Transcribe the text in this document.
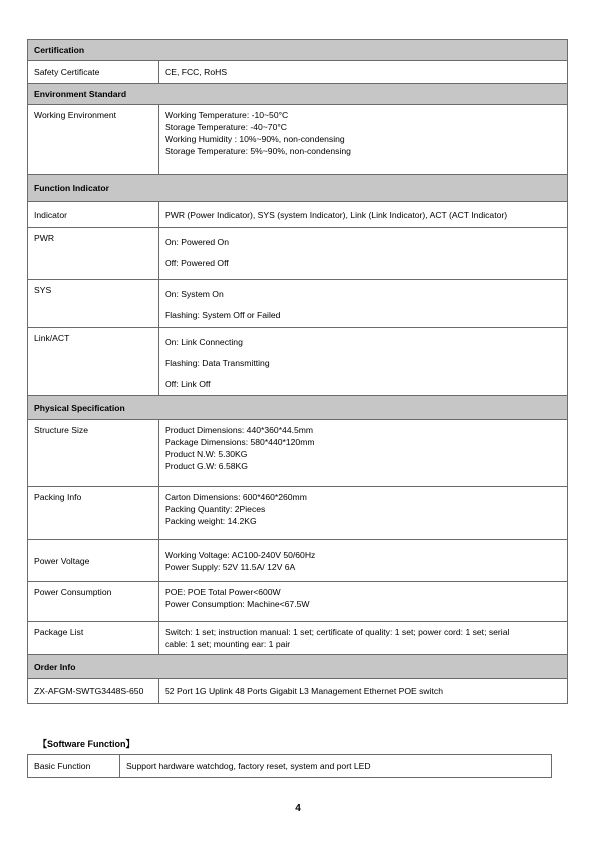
Certification	
Safety Certificate	CE, FCC, RoHS

Environment Standard	
Working Environment	Working Temperature: -10~50°C
Storage Temperature: -40~70°C
Working Humidity : 10%~90%, non-condensing
Storage Temperature: 5%~90%, non-condensing

Function Indicator	
Indicator	PWR (Power Indicator), SYS (system Indicator), Link (Link Indicator), ACT (ACT Indicator)

PWR	On: Powered On
Off: Powered Off

SYS	On: System On
Flashing: System Off or Failed

Link/ACT	On: Link Connecting
Flashing: Data Transmitting
Off: Link Off

Physical Specification	
Structure Size	Product Dimensions: 440*360*44.5mm
Package Dimensions: 580*440*120mm
Product N.W: 5.30KG
Product G.W: 6.58KG

Packing Info	Carton Dimensions: 600*460*260mm
Packing Quantity: 2Pieces
Packing weight: 14.2KG

Power Voltage	Working Voltage: AC100-240V 50/60Hz
Power Supply: 52V 11.5A/ 12V 6A

Power Consumption	POE: POE Total Power<600W
Power Consumption: Machine<67.5W

Package List	Switch: 1 set; instruction manual: 1 set; certificate of quality: 1 set; power cord: 1 set; serial
cable: 1 set; mounting ear: 1 pair

Order Info	
ZX-AFGM-SWTG3448S-650	52 Port 1G Uplink 48 Ports Gigabit L3 Management Ethernet POE switch
【Software Function】
Basic Function	Support hardware watchdog, factory reset, system and port LED
4
